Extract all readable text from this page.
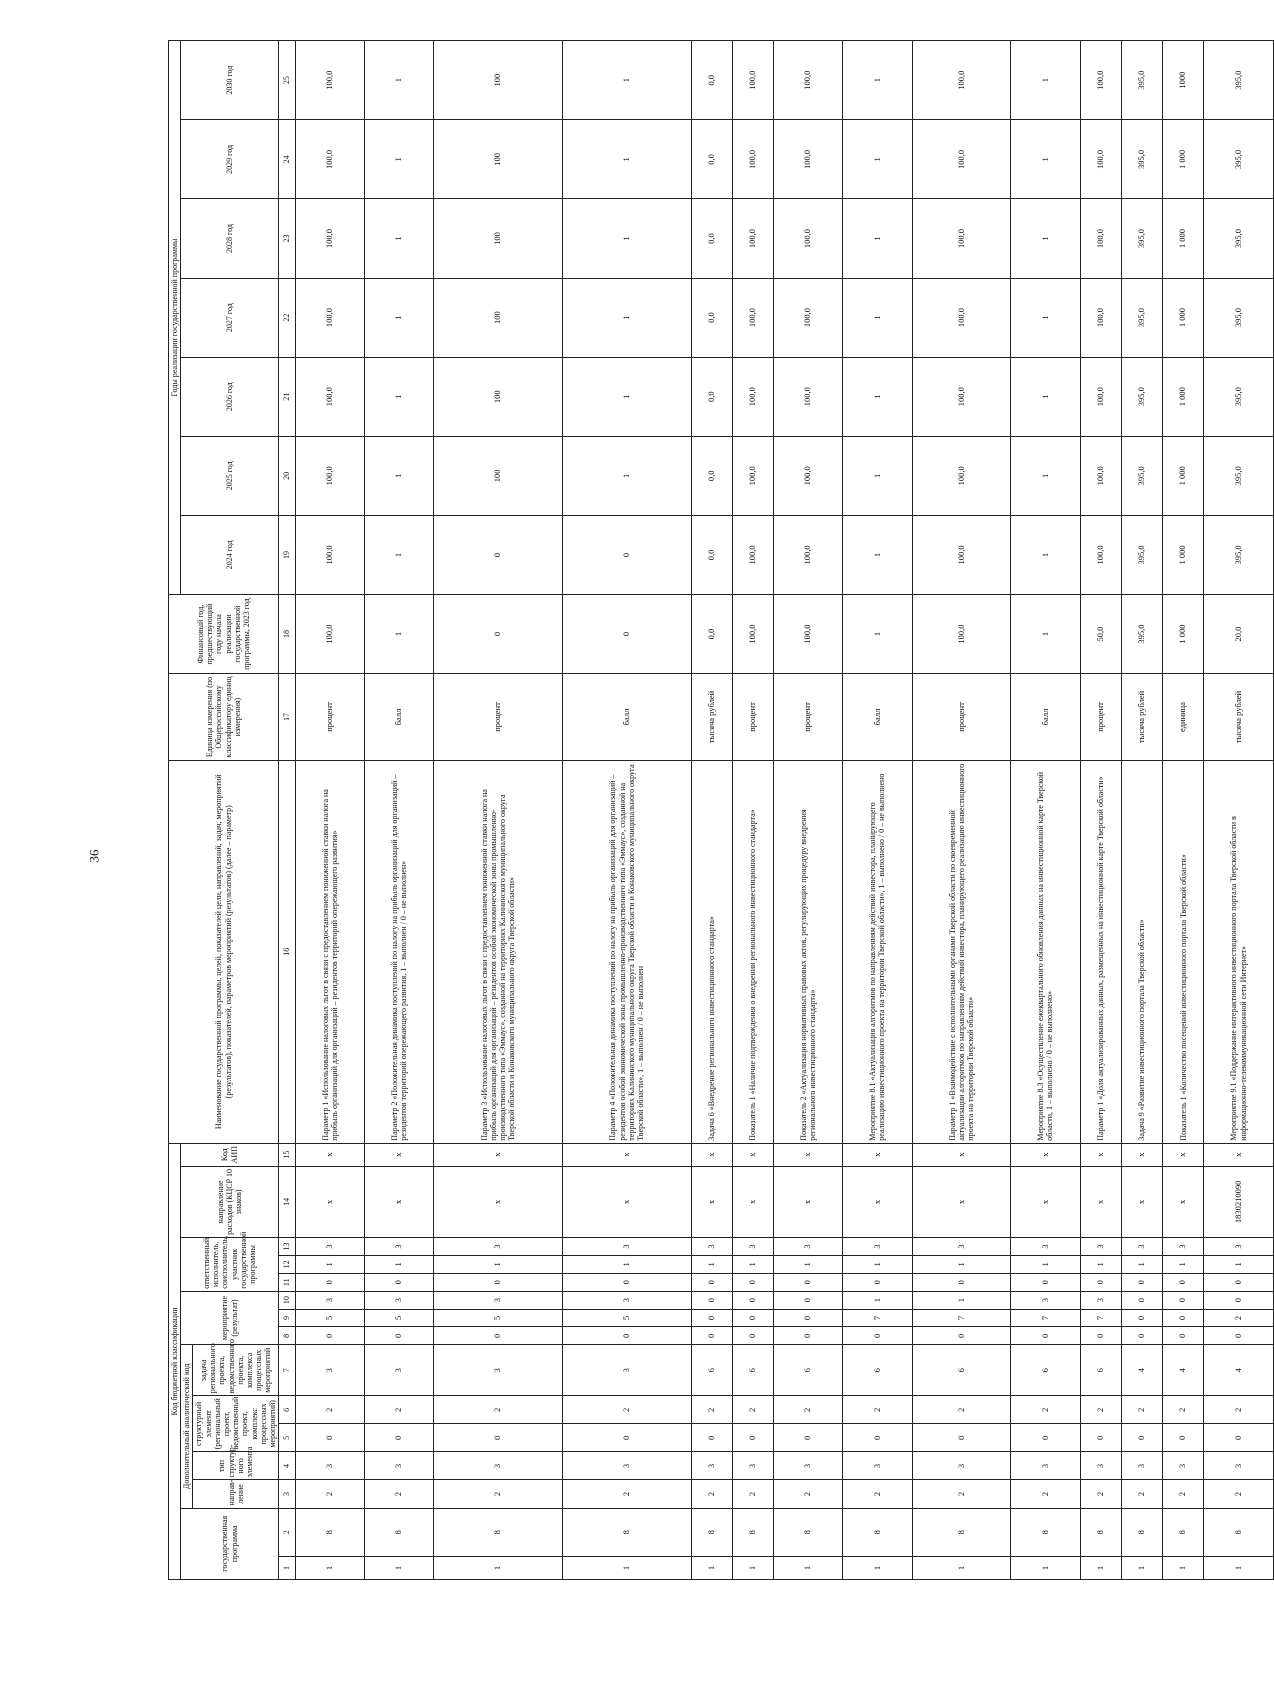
36
Код бюджетной классификации															Наименование государственной программы, целей, показателей цели, направлений, задач, мероприятий (результатов), показателей, параметров мероприятий (результатов) (далее – параметр)	Единица измерения (по Общероссийскому классификатору единиц измерения)	Финансовый год, предшествующий году начала реализации государственной программы, 2023 год	Годы реализации государственной программы						
государственная программа		Дополнительный аналитический код					мероприятие (результат)			ответственный исполнитель, соисполнитель, участник государственной программы			направление расходов (КЦСР 10 знаков)	Код АИП				2024 год	2025 год	2026 год	2027 год	2028 год	2029 год	2030 год
		направ-ление	тип структур-ного элемента	структурный элемент (региональный проект, ведомственный проект, комплекс процессных мероприятий)		задача регионального проекта, ведомственного проекта, комплекса процессных мероприятий																		

1	2	3	4	5	6	7	8	9	10	11	12	13	14	15	16	17	18	19	20	21	22	23	24	25
1	8	2	3	0	2	3	0	5	3	0	1	3	х	х	Параметр 1 «Использование налоговых льгот в связи с предоставлением пониженной ставки налога на прибыль организаций для организаций – резидентов территорий опережающего развития»	процент	100,0	100,0	100,0	100,0	100,0	100,0	100,0	100,0
1	8	2	3	0	2	3	0	5	3	0	1	3	х	х	Параметр 2 «Положительная динамика поступлений по налогу на прибыль организаций для организаций – резидентов территорий опережающего развития, 1 – выполнен / 0 – не выполнен»	балл	1	1	1	1	1	1	1	1
1	8	2	3	0	2	3	0	5	3	0	1	3	х	х	Параметр 3 «Использование налоговых льгот в связи с предоставлением пониженной ставки налога на прибыль организаций для организаций – резидентов особой экономической зоны промышленно-производственного типа «Эммаус», созданной на территориях Калининского муниципального округа Тверской области и Конаковского муниципального округа Тверской области»	процент	0	0	100	100	100	100	100	100
1	8	2	3	0	2	3	0	5	3	0	1	3	х	х	Параметр 4 «Положительная динамика поступлений по налогу на прибыль организаций для организаций – резидентов особой экономической зоны промышленно-производственного типа «Эммаус», созданной на территориях Калининского муниципального округа Тверской области и Конаковского муниципального округа Тверской области», 1 – выполнен / 0 – не выполнен	балл	0	0	1	1	1	1	1	1
1	8	2	3	0	2	6	0	0	0	0	1	3	х	х	Задача 6 «Внедрение регионального инвестиционного стандарта»	тысяча рублей	0,0	0,0	0,0	0,0	0,0	0,0	0,0	0,0
1	8	2	3	0	2	6	0	0	0	0	1	3	х	х	Показатель 1 «Наличие подтверждения о внедрении регионального инвестиционного стандарта»	процент	100,0	100,0	100,0	100,0	100,0	100,0	100,0	100,0
1	8	2	3	0	2	6	0	0	0	0	1	3	х	х	Показатель 2 «Актуализация нормативных правовых актов, регулирующих процедуру внедрения регионального инвестиционного стандарта»	процент	100,0	100,0	100,0	100,0	100,0	100,0	100,0	100,0
1	8	2	3	0	2	6	0	7	1	0	1	3	х	х	Мероприятие 8.1 «Актуализация алгоритмов по направлениям действий инвестора, планирующего реализацию инвестиционного проекта на территории Тверской области», 1 – выполнено / 0 – не выполнено	балл	1	1	1	1	1	1	1	1
1	8	2	3	0	2	6	0	7	1	0	1	3	х	х	Параметр 1 «Взаимодействие с исполнительными органами Тверской области по своевременной актуализации алгоритмов по направлениям действий инвестора, планирующего реализацию инвестиционного проекта на территории Тверской области»	процент	100,0	100,0	100,0	100,0	100,0	100,0	100,0	100,0
1	8	2	3	0	2	6	0	7	3	0	1	3	х	х	Мероприятие 8.3 «Осуществление ежеквартального обновления данных на инвестиционной карте Тверской области, 1 – выполнено / 0 – не выполнено»	балл	1	1	1	1	1	1	1	1
1	8	2	3	0	2	6	0	7	3	0	1	3	х	х	Параметр 1 «Доля актуализированных данных, размещенных на инвестиционной карте Тверской области»	процент	50,0	100,0	100,0	100,0	100,0	100,0	100,0	100,0
1	8	2	3	0	2	4	0	0	0	0	1	3	х	х	Задача 9 «Развитие инвестиционного портала Тверской области»	тысяча рублей	395,0	395,0	395,0	395,0	395,0	395,0	395,0	395,0
1	8	2	3	0	2	4	0	0	0	0	1	3	х	х	Показатель 1 «Количество посещений инвестиционного портала Тверской области»	единица	1 000	1 000	1 000	1 000	1 000	1 000	1 000	1000
1	8	2	3	0	2	4	0	2	0	0	1	3	1830210090	х	Мероприятие 9.1 «Поддержание интерактивного инвестиционного портала Тверской области в информационно-телекоммуникационной сети Интернет»	тысяча рублей	20,0	395,0	395,0	395,0	395,0	395,0	395,0	395,0
